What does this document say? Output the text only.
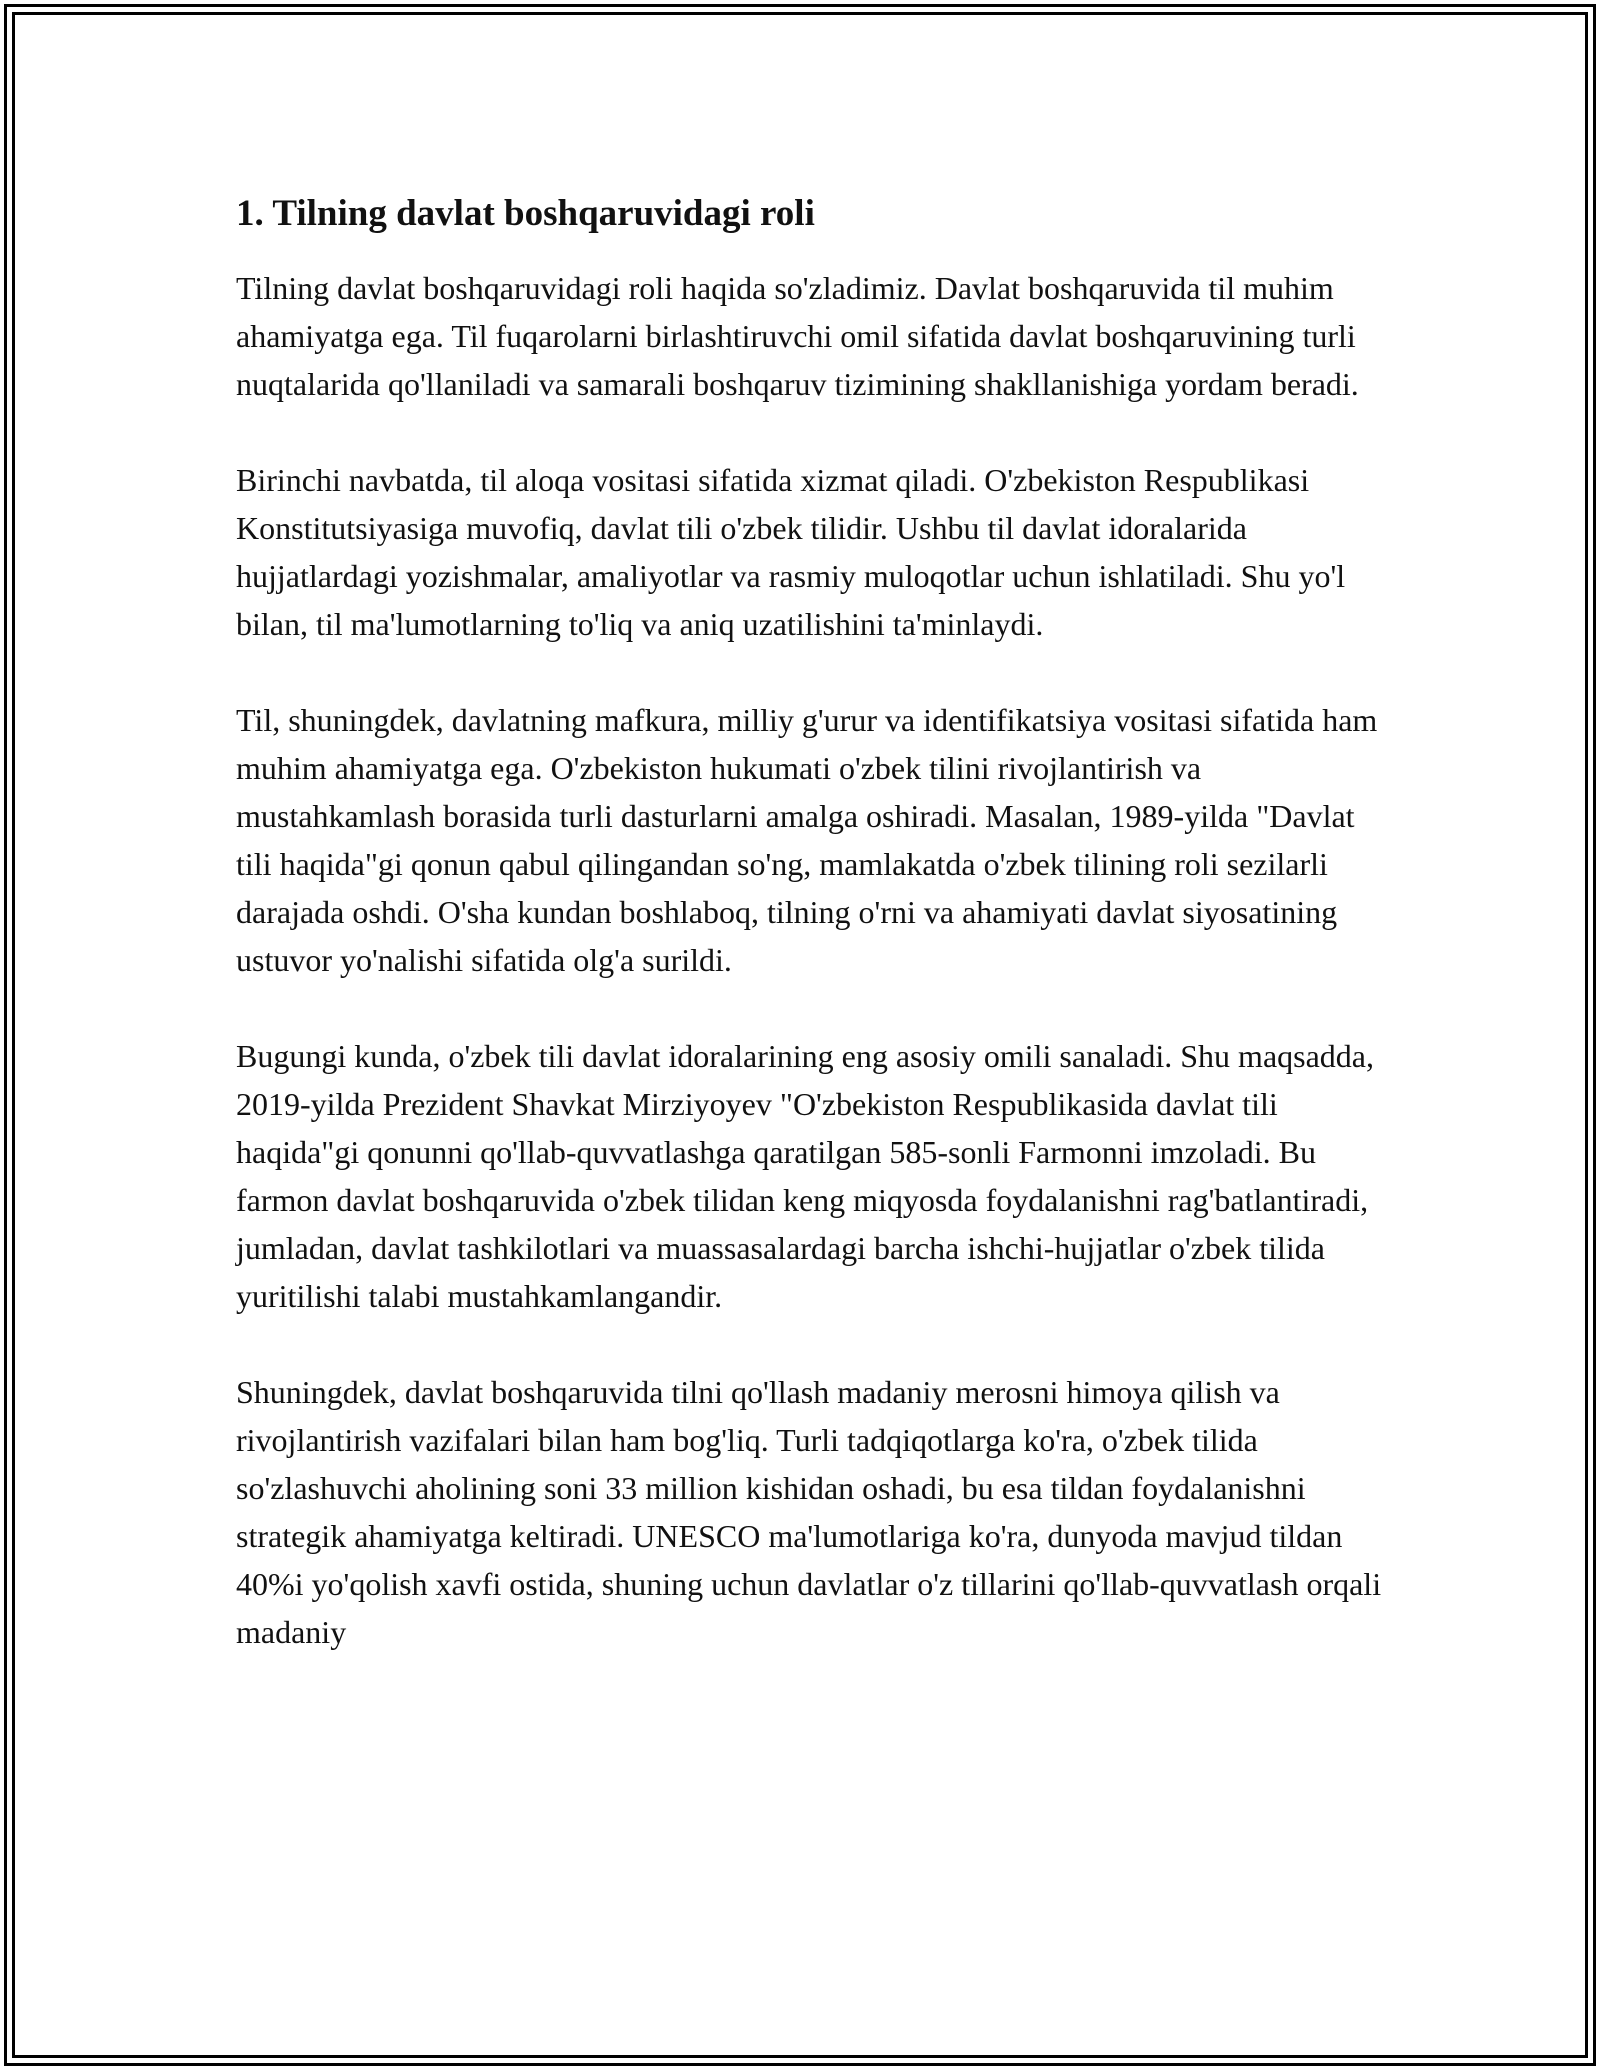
1. Tilning davlat boshqaruvidagi roli

Tilning davlat boshqaruvidagi roli haqida so'zladimiz. Davlat boshqaruvida til muhim ahamiyatga ega. Til fuqarolarni birlashtiruvchi omil sifatida davlat boshqaruvining turli nuqtalarida qo'llaniladi va samarali boshqaruv tizimining shakllanishiga yordam beradi.

Birinchi navbatda, til aloqa vositasi sifatida xizmat qiladi. O'zbekiston Respublikasi Konstitutsiyasiga muvofiq, davlat tili o'zbek tilidir. Ushbu til davlat idoralarida hujjatlardagi yozishmalar, amaliyotlar va rasmiy muloqotlar uchun ishlatiladi. Shu yo'l bilan, til ma'lumotlarning to'liq va aniq uzatilishini ta'minlaydi.

Til, shuningdek, davlatning mafkura, milliy g'urur va identifikatsiya vositasi sifatida ham muhim ahamiyatga ega. O'zbekiston hukumati o'zbek tilini rivojlantirish va mustahkamlash borasida turli dasturlarni amalga oshiradi. Masalan, 1989-yilda "Davlat tili haqida"gi qonun qabul qilingandan so'ng, mamlakatda o'zbek tilining roli sezilarli darajada oshdi. O'sha kundan boshlaboq, tilning o'rni va ahamiyati davlat siyosatining ustuvor yo'nalishi sifatida olg'a surildi.

Bugungi kunda, o'zbek tili davlat idoralarining eng asosiy omili sanaladi. Shu maqsadda, 2019-yilda Prezident Shavkat Mirziyoyev "O'zbekiston Respublikasida davlat tili haqida"gi qonunni qo'llab-quvvatlashga qaratilgan 585-sonli Farmonni imzoladi. Bu farmon davlat boshqaruvida o'zbek tilidan keng miqyosda foydalanishni rag'batlantiradi, jumladan, davlat tashkilotlari va muassasalardagi barcha ishchi-hujjatlar o'zbek tilida yuritilishi talabi mustahkamlangandir.

Shuningdek, davlat boshqaruvida tilni qo'llash madaniy merosni himoya qilish va rivojlantirish vazifalari bilan ham bog'liq. Turli tadqiqotlarga ko'ra, o'zbek tilida so'zlashuvchi aholining soni 33 million kishidan oshadi, bu esa tildan foydalanishni strategik ahamiyatga keltiradi. UNESCO ma'lumotlariga ko'ra, dunyoda mavjud tildan 40%i yo'qolish xavfi ostida, shuning uchun davlatlar o'z tillarini qo'llab-quvvatlash orqali madaniy
